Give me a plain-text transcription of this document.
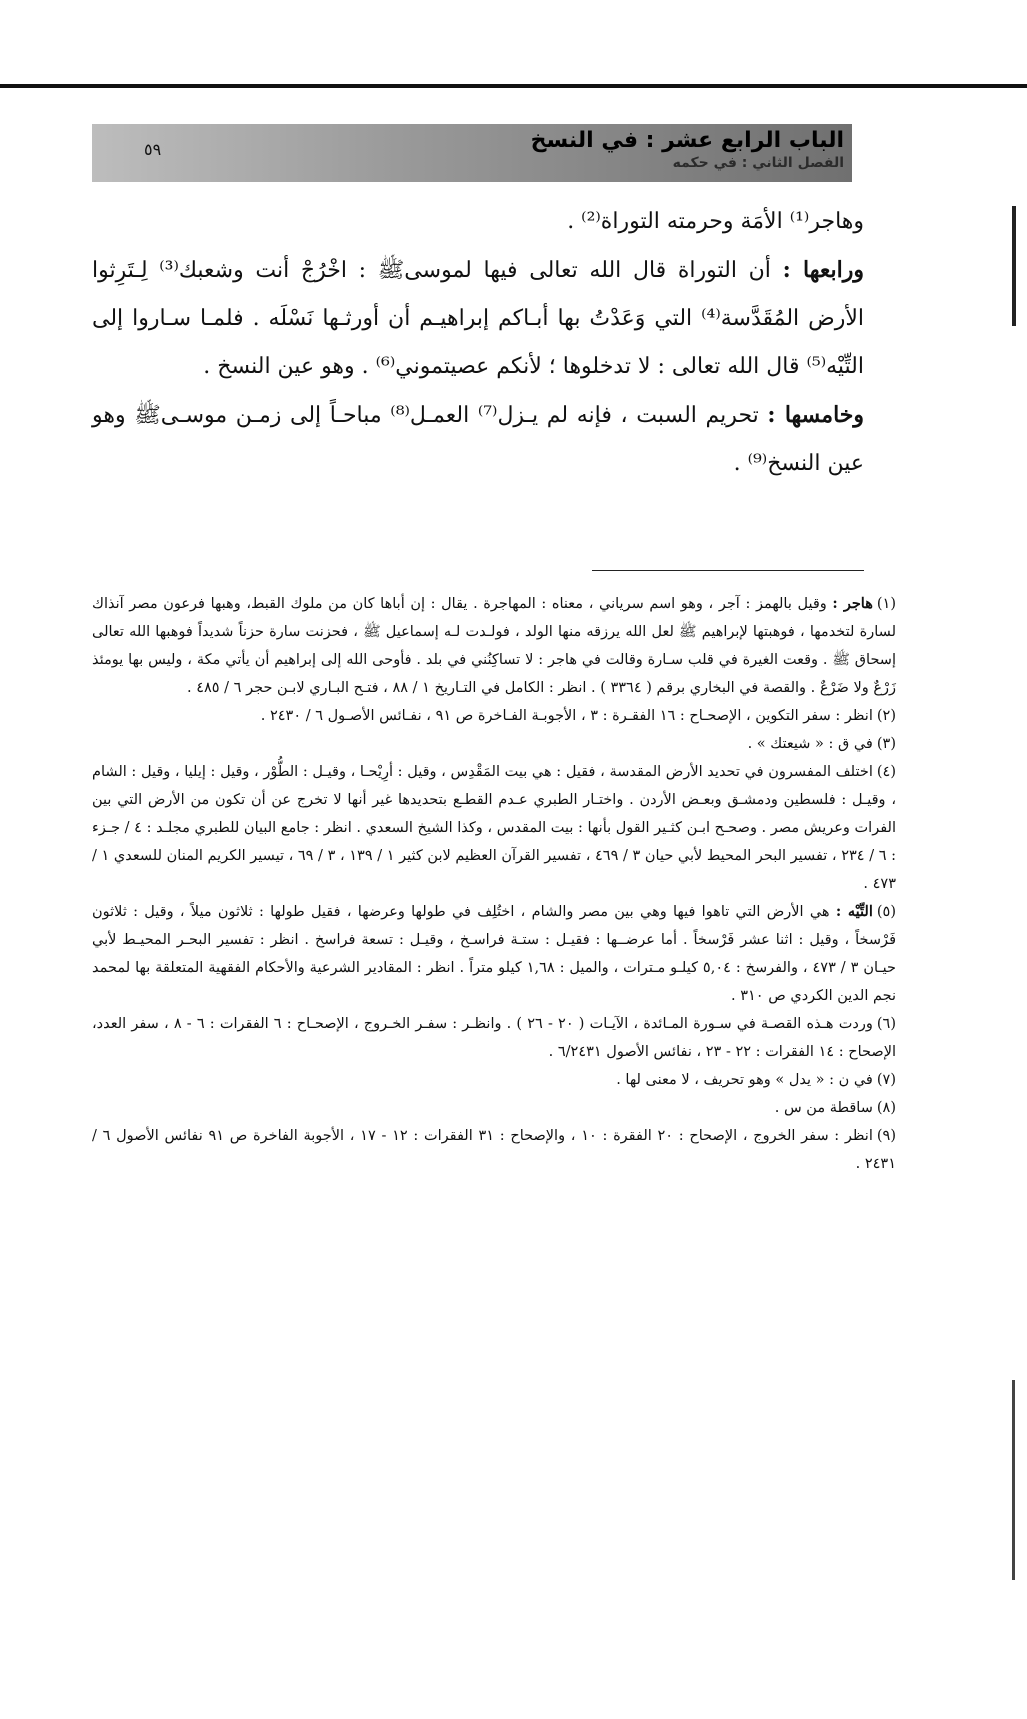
الباب الرابع عشر : في النسخ
الفصل الثاني : في حكمه
٥٩

وهاجر⁽¹⁾ الأمَة وحرمته التوراة⁽²⁾ .

ورابعها : أن التوراة قال الله تعالى فيها لموسىﷺ : اخْرُجْ أنت وشعبك⁽³⁾ لِـتَرِثوا الأرض المُقَدَّسة⁽⁴⁾ التي وَعَدْتُ بها أبـاكم إبراهيـم أن أورثـها نَسْلَه . فلمـا سـاروا إلى التِّيْه⁽⁵⁾ قال الله تعالى : لا تدخلوها ؛ لأنكم عصيتموني⁽⁶⁾ . وهو عين النسخ .

وخامسها : تحريم السبت ، فإنه لم يـزل⁽⁷⁾ العمـل⁽⁸⁾ مباحـاً إلى زمـن موسـىﷺ وهو عين النسخ⁽⁹⁾ .

(١)هاجر : وقيل بالهمز : آجر ، وهو اسم سرياني ، معناه : المهاجرة . يقال : إن أباها كان من ملوك القبط، وهبها فرعون مصر آنذاك لسارة لتخدمها ، فوهبتها لإبراهيم ﷺ لعل الله يرزقه منها الولد ، فولـدت لـه إسماعيل ﷺ ، فحزنت سارة حزناً شديداً فوهبها الله تعالى إسحاق ﷺ . وقعت الغيرة في قلب سـارة وقالت في هاجر : لا تساكِنُني في بلد . فأوحى الله إلى إبراهيم أن يأتي مكة ، وليس بها يومئذ زَرْعٌ ولا ضَرْعٌ . والقصة في البخاري برقم ( ٣٣٦٤ ) . انظر : الكامل في التـاريخ ١ / ٨٨ ، فتـح البـاري لابـن حجر ٦ / ٤٨٥ .

(٢)انظر : سفر التكوين ، الإصحـاح : ١٦ الفقـرة : ٣ ، الأجوبـة الفـاخرة ص ٩١ ، نفـائس الأصـول ٦ / ٢٤٣٠ .

(٣)في ق : « شيعتك » .

(٤)اختلف المفسرون في تحديد الأرض المقدسة ، فقيل : هي بيت المَقْدِس ، وقيل : أرِيْحـا ، وقيـل : الطُّوْر ، وقيل : إيليا ، وقيل : الشام ، وقيـل : فلسطين ودمشـق وبعـض الأردن . واختـار الطبري عـدم القطـع بتحديدها غير أنها لا تخرج عن أن تكون من الأرض التي بين الفرات وعريش مصر . وصحـح ابـن كثـير القول بأنها : بيت المقدس ، وكذا الشيخ السعدي . انظر : جامع البيان للطبري مجلـد : ٤ / جـزء : ٦ / ٢٣٤ ، تفسير البحر المحيط لأبي حيان ٣ / ٤٦٩ ، تفسير القرآن العظيم لابن كثير ١ / ١٣٩ ، ٣ / ٦٩ ، تيسير الكريم المنان للسعدي ١ / ٤٧٣ .

(٥)التِّيْه : هي الأرض التي تاهوا فيها وهي بين مصر والشام ، اختُلِف في طولها وعرضها ، فقيل طولها : ثلاثون ميلاً ، وقيل : ثلاثون فَرْسخاً ، وقيل : اثنا عشر فَرْسخاً . أما عرضــها : فقيـل : ستـة فراسـخ ، وقيـل : تسعة فراسخ . انظر : تفسير البحـر المحيـط لأبي حيـان ٣ / ٤٧٣ ، والفرسخ : ٥,٠٤ كيلـو مـترات ، والميل : ١,٦٨ كيلو متراً . انظر : المقادير الشرعية والأحكام الفقهية المتعلقة بها لمحمد نجم الدين الكردي ص ٣١٠ .

(٦)وردت هـذه القصـة في سـورة المـائدة ، الآيـات ( ٢٠ - ٢٦ ) . وانظـر : سفـر الخـروج ، الإصحـاح : ٦ الفقرات : ٦ - ٨ ، سفر العدد، الإصحاح : ١٤ الفقرات : ٢٢ - ٢٣ ، نفائس الأصول ٦/٢٤٣١ .

(٧)في ن : « يدل » وهو تحريف ، لا معنى لها .

(٨)ساقطة من س .

(٩)انظر : سفر الخروج ، الإصحاح : ٢٠ الفقرة : ١٠ ، والإصحاح : ٣١ الفقرات : ١٢ - ١٧ ، الأجوبة الفاخرة ص ٩١ نفائس الأصول ٦ / ٢٤٣١ .
